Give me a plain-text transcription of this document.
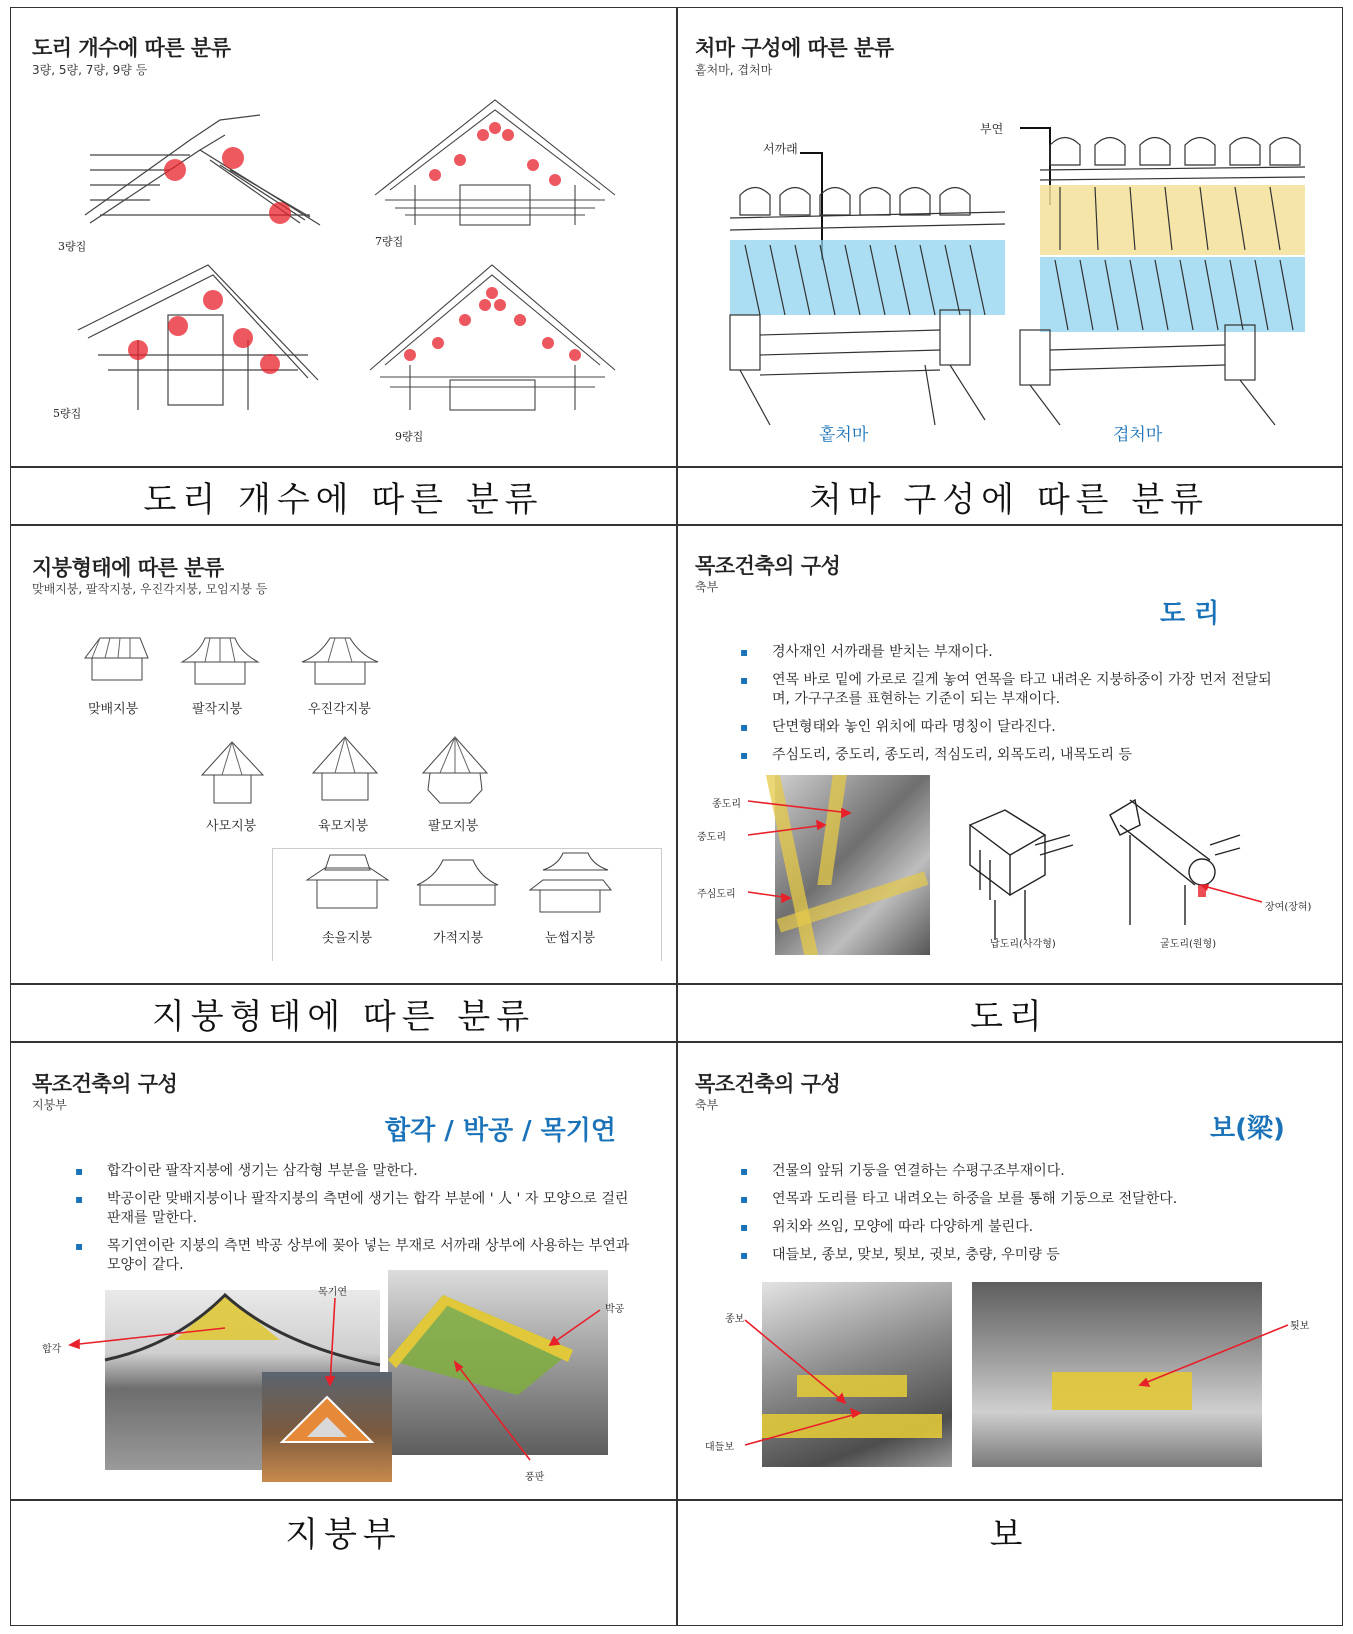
도리 개수에 따른 분류	처마 구성에 따른 분류
지붕형태에 따른 분류	도리
지붕부	보
도리 개수에 따른 분류
3량, 5량, 7량, 9량 등
3량집	7량집
5량집
9량집
처마 구성에 따른 분류
홑처마, 겹처마
서까래
부연
홑처마	겹처마
지붕형태에 따른 분류
맞배지붕, 팔작지붕, 우진각지붕, 모임지붕 등
맞배지붕	팔작지붕	우진각지붕
사모지붕	육모지붕	팔모지붕
솟을지붕	가적지붕	눈썹지붕
목조건축의 구성
축부
도 리
▪ 경사재인 서까래를 받치는 부재이다.
▪ 연목 바로 밑에 가로로 길게 놓여 연목을 타고 내려온 지붕하중이 가장 먼저 전달되며, 가구구조를 표현하는 기준이 되는 부재이다.
▪ 단면형태와 놓인 위치에 따라 명칭이 달라진다.
▪ 주심도리, 중도리, 종도리, 적심도리, 외목도리, 내목도리 등
종도리
중도리
주심도리
납도리(사각형)	굴도리(원형)
장여(장혀)
목조건축의 구성
지붕부
합각 / 박공 / 목기연
▪ 합각이란 팔작지붕에 생기는 삼각형 부분을 말한다.
▪ 박공이란 맞배지붕이나 팔작지붕의 측면에 생기는 합각 부분에 ' 人 ' 자 모양으로 걸린 판재를 말한다.
▪ 목기연이란 지붕의 측면 박공 상부에 꽂아 넣는 부재로 서까래 상부에 사용하는 부연과 모양이 같다.
합각
목기연
박공
풍판
목조건축의 구성
축부
보(梁)
▪ 건물의 앞뒤 기둥을 연결하는 수평구조부재이다.
▪ 연목과 도리를 타고 내려오는 하중을 보를 통해 기둥으로 전달한다.
▪ 위치와 쓰임, 모양에 따라 다양하게 불린다.
▪ 대들보, 종보, 맞보, 툇보, 귓보, 충량, 우미량 등
종보
대들보
툇보
